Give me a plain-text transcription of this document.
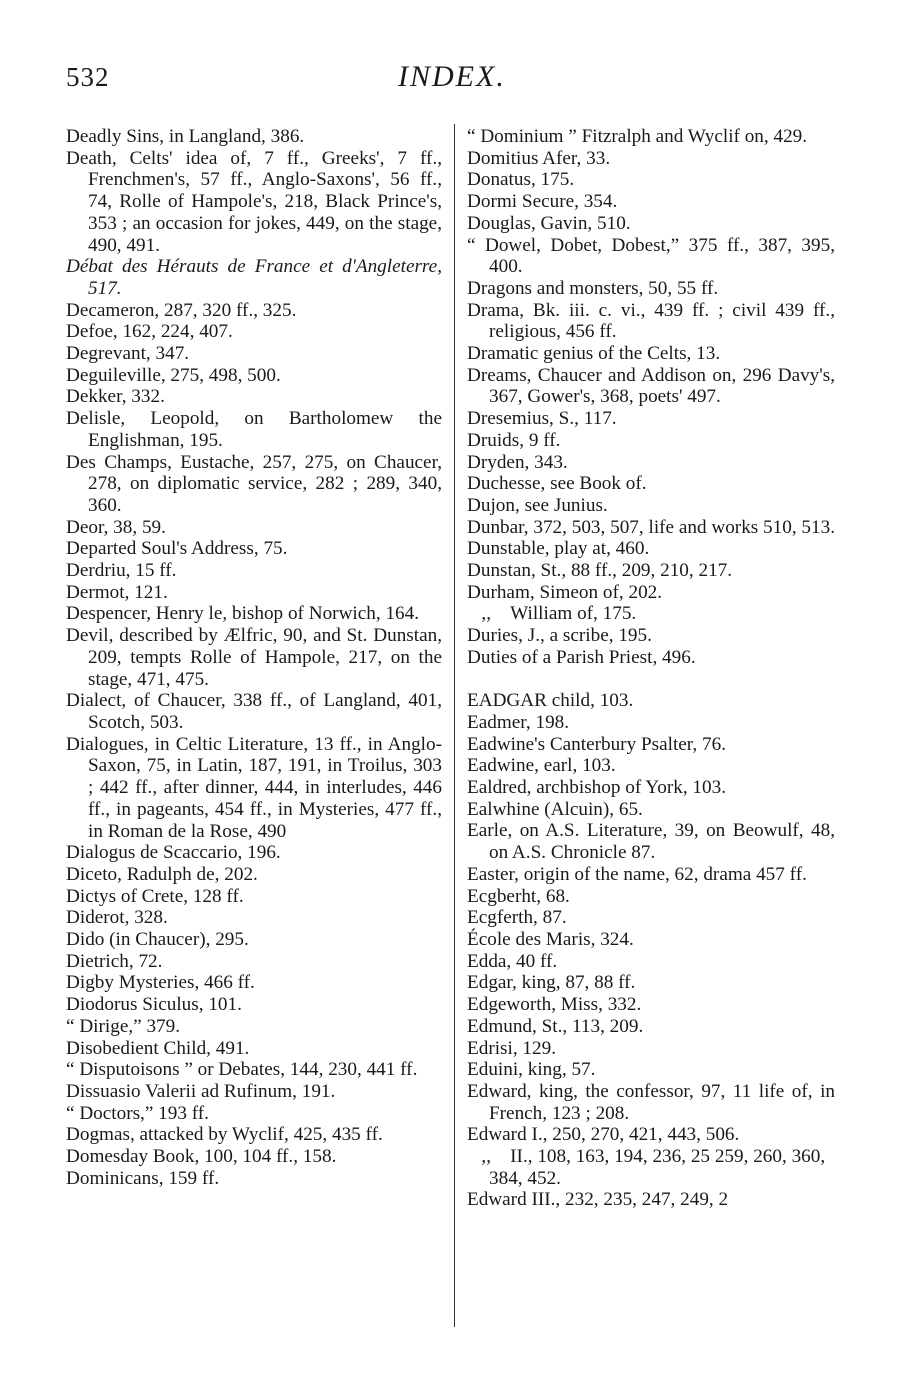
532	INDEX.
Deadly Sins, in Langland, 386.
Death, Celts' idea of, 7 ff., Greeks', 7 ff., Frenchmen's, 57 ff., Anglo-Saxons', 56 ff., 74, Rolle of Hampole's, 218, Black Prince's, 353 ; an occasion for jokes, 449, on the stage, 490, 491.
Débat des Hérauts de France et d'Angleterre, 517.
Decameron, 287, 320 ff., 325.
Defoe, 162, 224, 407.
Degrevant, 347.
Deguileville, 275, 498, 500.
Dekker, 332.
Delisle, Leopold, on Bartholomew the Englishman, 195.
Des Champs, Eustache, 257, 275, on Chaucer, 278, on diplomatic service, 282 ; 289, 340, 360.
Deor, 38, 59.
Departed Soul's Address, 75.
Derdriu, 15 ff.
Dermot, 121.
Despencer, Henry le, bishop of Norwich, 164.
Devil, described by Ælfric, 90, and St. Dunstan, 209, tempts Rolle of Hampole, 217, on the stage, 471, 475.
Dialect, of Chaucer, 338 ff., of Langland, 401, Scotch, 503.
Dialogues, in Celtic Literature, 13 ff., in Anglo-Saxon, 75, in Latin, 187, 191, in Troilus, 303 ; 442 ff., after dinner, 444, in interludes, 446 ff., in pageants, 454 ff., in Mysteries, 477 ff., in Roman de la Rose, 490
Dialogus de Scaccario, 196.
Diceto, Radulph de, 202.
Dictys of Crete, 128 ff.
Diderot, 328.
Dido (in Chaucer), 295.
Dietrich, 72.
Digby Mysteries, 466 ff.
Diodorus Siculus, 101.
“ Dirige,” 379.
Disobedient Child, 491.
“ Disputoisons ” or Debates, 144, 230, 441 ff.
Dissuasio Valerii ad Rufinum, 191.
“ Doctors,” 193 ff.
Dogmas, attacked by Wyclif, 425, 435 ff.
Domesday Book, 100, 104 ff., 158.
Dominicans, 159 ff.
“ Dominium ” Fitzralph and Wyclif on, 429.
Domitius Afer, 33.
Donatus, 175.
Dormi Secure, 354.
Douglas, Gavin, 510.
“ Dowel, Dobet, Dobest,” 375 ff., 387, 395, 400.
Dragons and monsters, 50, 55 ff.
Drama, Bk. iii. c. vi., 439 ff. ; civil 439 ff., religious, 456 ff.
Dramatic genius of the Celts, 13.
Dreams, Chaucer and Addison on, 296 Davy's, 367, Gower's, 368, poets' 497.
Dresemius, S., 117.
Druids, 9 ff.
Dryden, 343.
Duchesse, see Book of.
Dujon, see Junius.
Dunbar, 372, 503, 507, life and works 510, 513.
Dunstable, play at, 460.
Dunstan, St., 88 ff., 209, 210, 217.
Durham, Simeon of, 202.
,,    William of, 175.
Duries, J., a scribe, 195.
Duties of a Parish Priest, 496.
EADGAR child, 103.
Eadmer, 198.
Eadwine's Canterbury Psalter, 76.
Eadwine, earl, 103.
Ealdred, archbishop of York, 103.
Ealwhine (Alcuin), 65.
Earle, on A.S. Literature, 39, on Beowulf, 48, on A.S. Chronicle 87.
Easter, origin of the name, 62, drama 457 ff.
Ecgberht, 68.
Ecgferth, 87.
École des Maris, 324.
Edda, 40 ff.
Edgar, king, 87, 88 ff.
Edgeworth, Miss, 332.
Edmund, St., 113, 209.
Edrisi, 129.
Eduini, king, 57.
Edward, king, the confessor, 97, 11 life of, in French, 123 ; 208.
Edward I., 250, 270, 421, 443, 506.
,,    II., 108, 163, 194, 236, 25 259, 260, 360, 384, 452.
Edward III., 232, 235, 247, 249, 2
